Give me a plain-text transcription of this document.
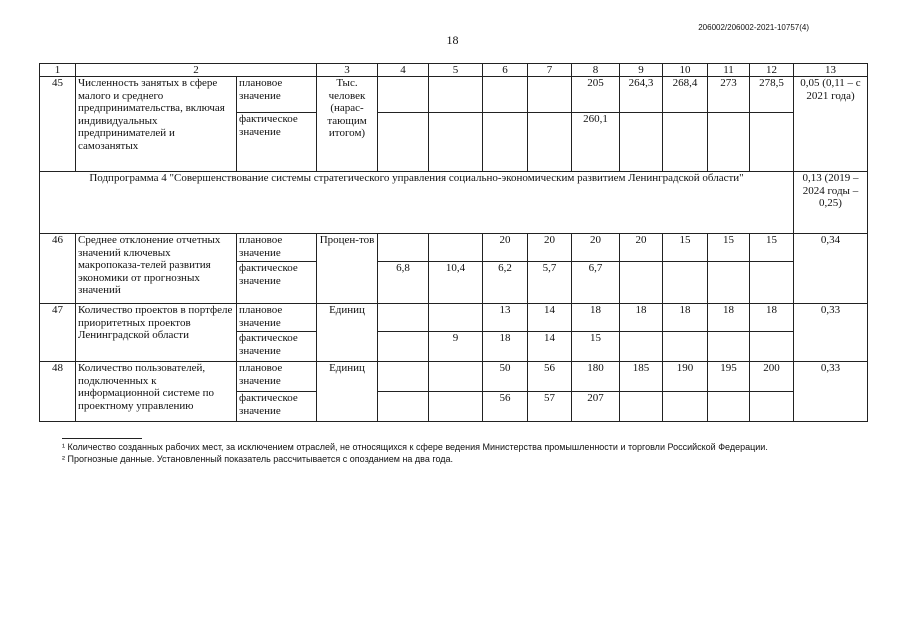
206002/206002-2021-10757(4)
18
1	2		3	4	5	6	7	8	9	10	11	12	13
45	Численность занятых в сфере малого и среднего предпринимательства, включая индивидуальных предпринимателей и самозанятых	плановое значение	Тыс. человек (нарас-тающим итогом)					205	264,3	268,4	273	278,5	0,05 (0,11 – с 2021 года)
		фактическое значение						260,1					
Подпрограмма 4 "Совершенствование системы стратегического управления социально-экономическим развитием Ленинградской области"													0,13 (2019 – 2024 годы – 0,25)
46	Среднее отклонение отчетных значений ключевых макропоказа-телей развития экономики от прогнозных значений	плановое значение	Процен-тов			20	20	20	20	15	15	15	0,34
		фактическое значение		6,8	10,4	6,2	5,7	6,7					
47	Количество проектов в портфеле приоритетных проектов Ленинградской области	плановое значение	Единиц			13	14	18	18	18	18	18	0,33
		фактическое значение			9	18	14	15					
48	Количество пользователей, подключенных к информационной системе по проектному управлению	плановое значение	Единиц			50	56	180	185	190	195	200	0,33
		фактическое значение				56	57	207					
¹ Количество созданных рабочих мест, за исключением отраслей, не относящихся к сфере ведения Министерства промышленности и торговли Российской Федерации.
² Прогнозные данные. Установленный показатель рассчитывается с опозданием на два года.
